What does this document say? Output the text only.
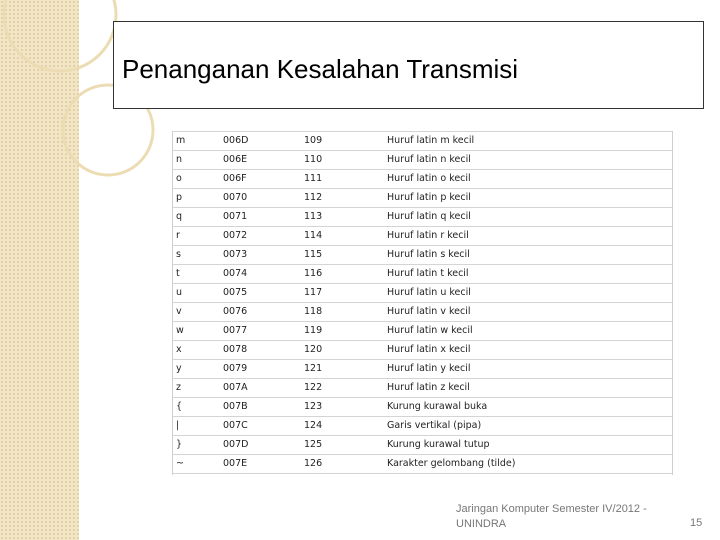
Penanganan Kesalahan Transmisi
m	006D	109	Huruf latin m kecil
n	006E	110	Huruf latin n kecil
o	006F	111	Huruf latin o kecil
p	0070	112	Huruf latin p kecil
q	0071	113	Huruf latin q kecil
r	0072	114	Huruf latin r kecil
s	0073	115	Huruf latin s kecil
t	0074	116	Huruf latin t kecil
u	0075	117	Huruf latin u kecil
v	0076	118	Huruf latin v kecil
w	0077	119	Huruf latin w kecil
x	0078	120	Huruf latin x kecil
y	0079	121	Huruf latin y kecil
z	007A	122	Huruf latin z kecil
{	007B	123	Kurung kurawal buka
|	007C	124	Garis vertikal (pipa)
}	007D	125	Kurung kurawal tutup
~	007E	126	Karakter gelombang (tilde)
Jaringan Komputer Semester IV/2012 -
UNINDRA	15
